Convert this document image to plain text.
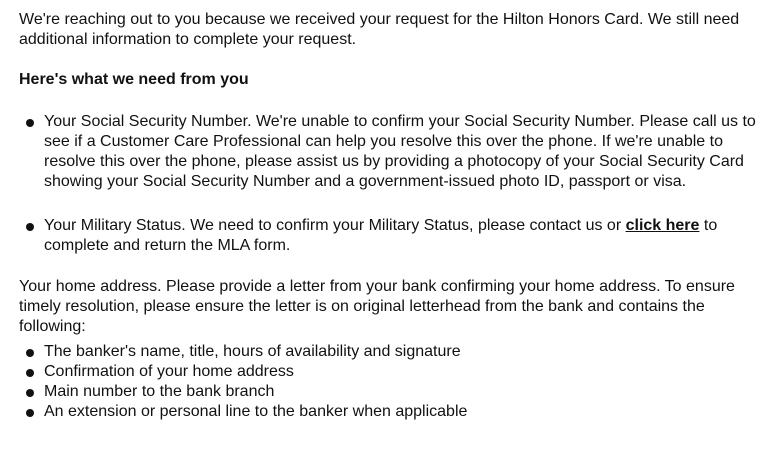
We're reaching out to you because we received your request for the Hilton Honors Card. We still need additional information to complete your request.

Here's what we need from you

Your Social Security Number. We're unable to confirm your Social Security Number. Please call us to see if a Customer Care Professional can help you resolve this over the phone. If we're unable to resolve this over the phone, please assist us by providing a photocopy of your Social Security Card showing your Social Security Number and a government-issued photo ID, passport or visa.
Your Military Status. We need to confirm your Military Status, please contact us or click here to complete and return the MLA form.

Your home address. Please provide a letter from your bank confirming your home address. To ensure timely resolution, please ensure the letter is on original letterhead from the bank and contains the following:

The banker's name, title, hours of availability and signature
Confirmation of your home address
Main number to the bank branch
An extension or personal line to the banker when applicable
